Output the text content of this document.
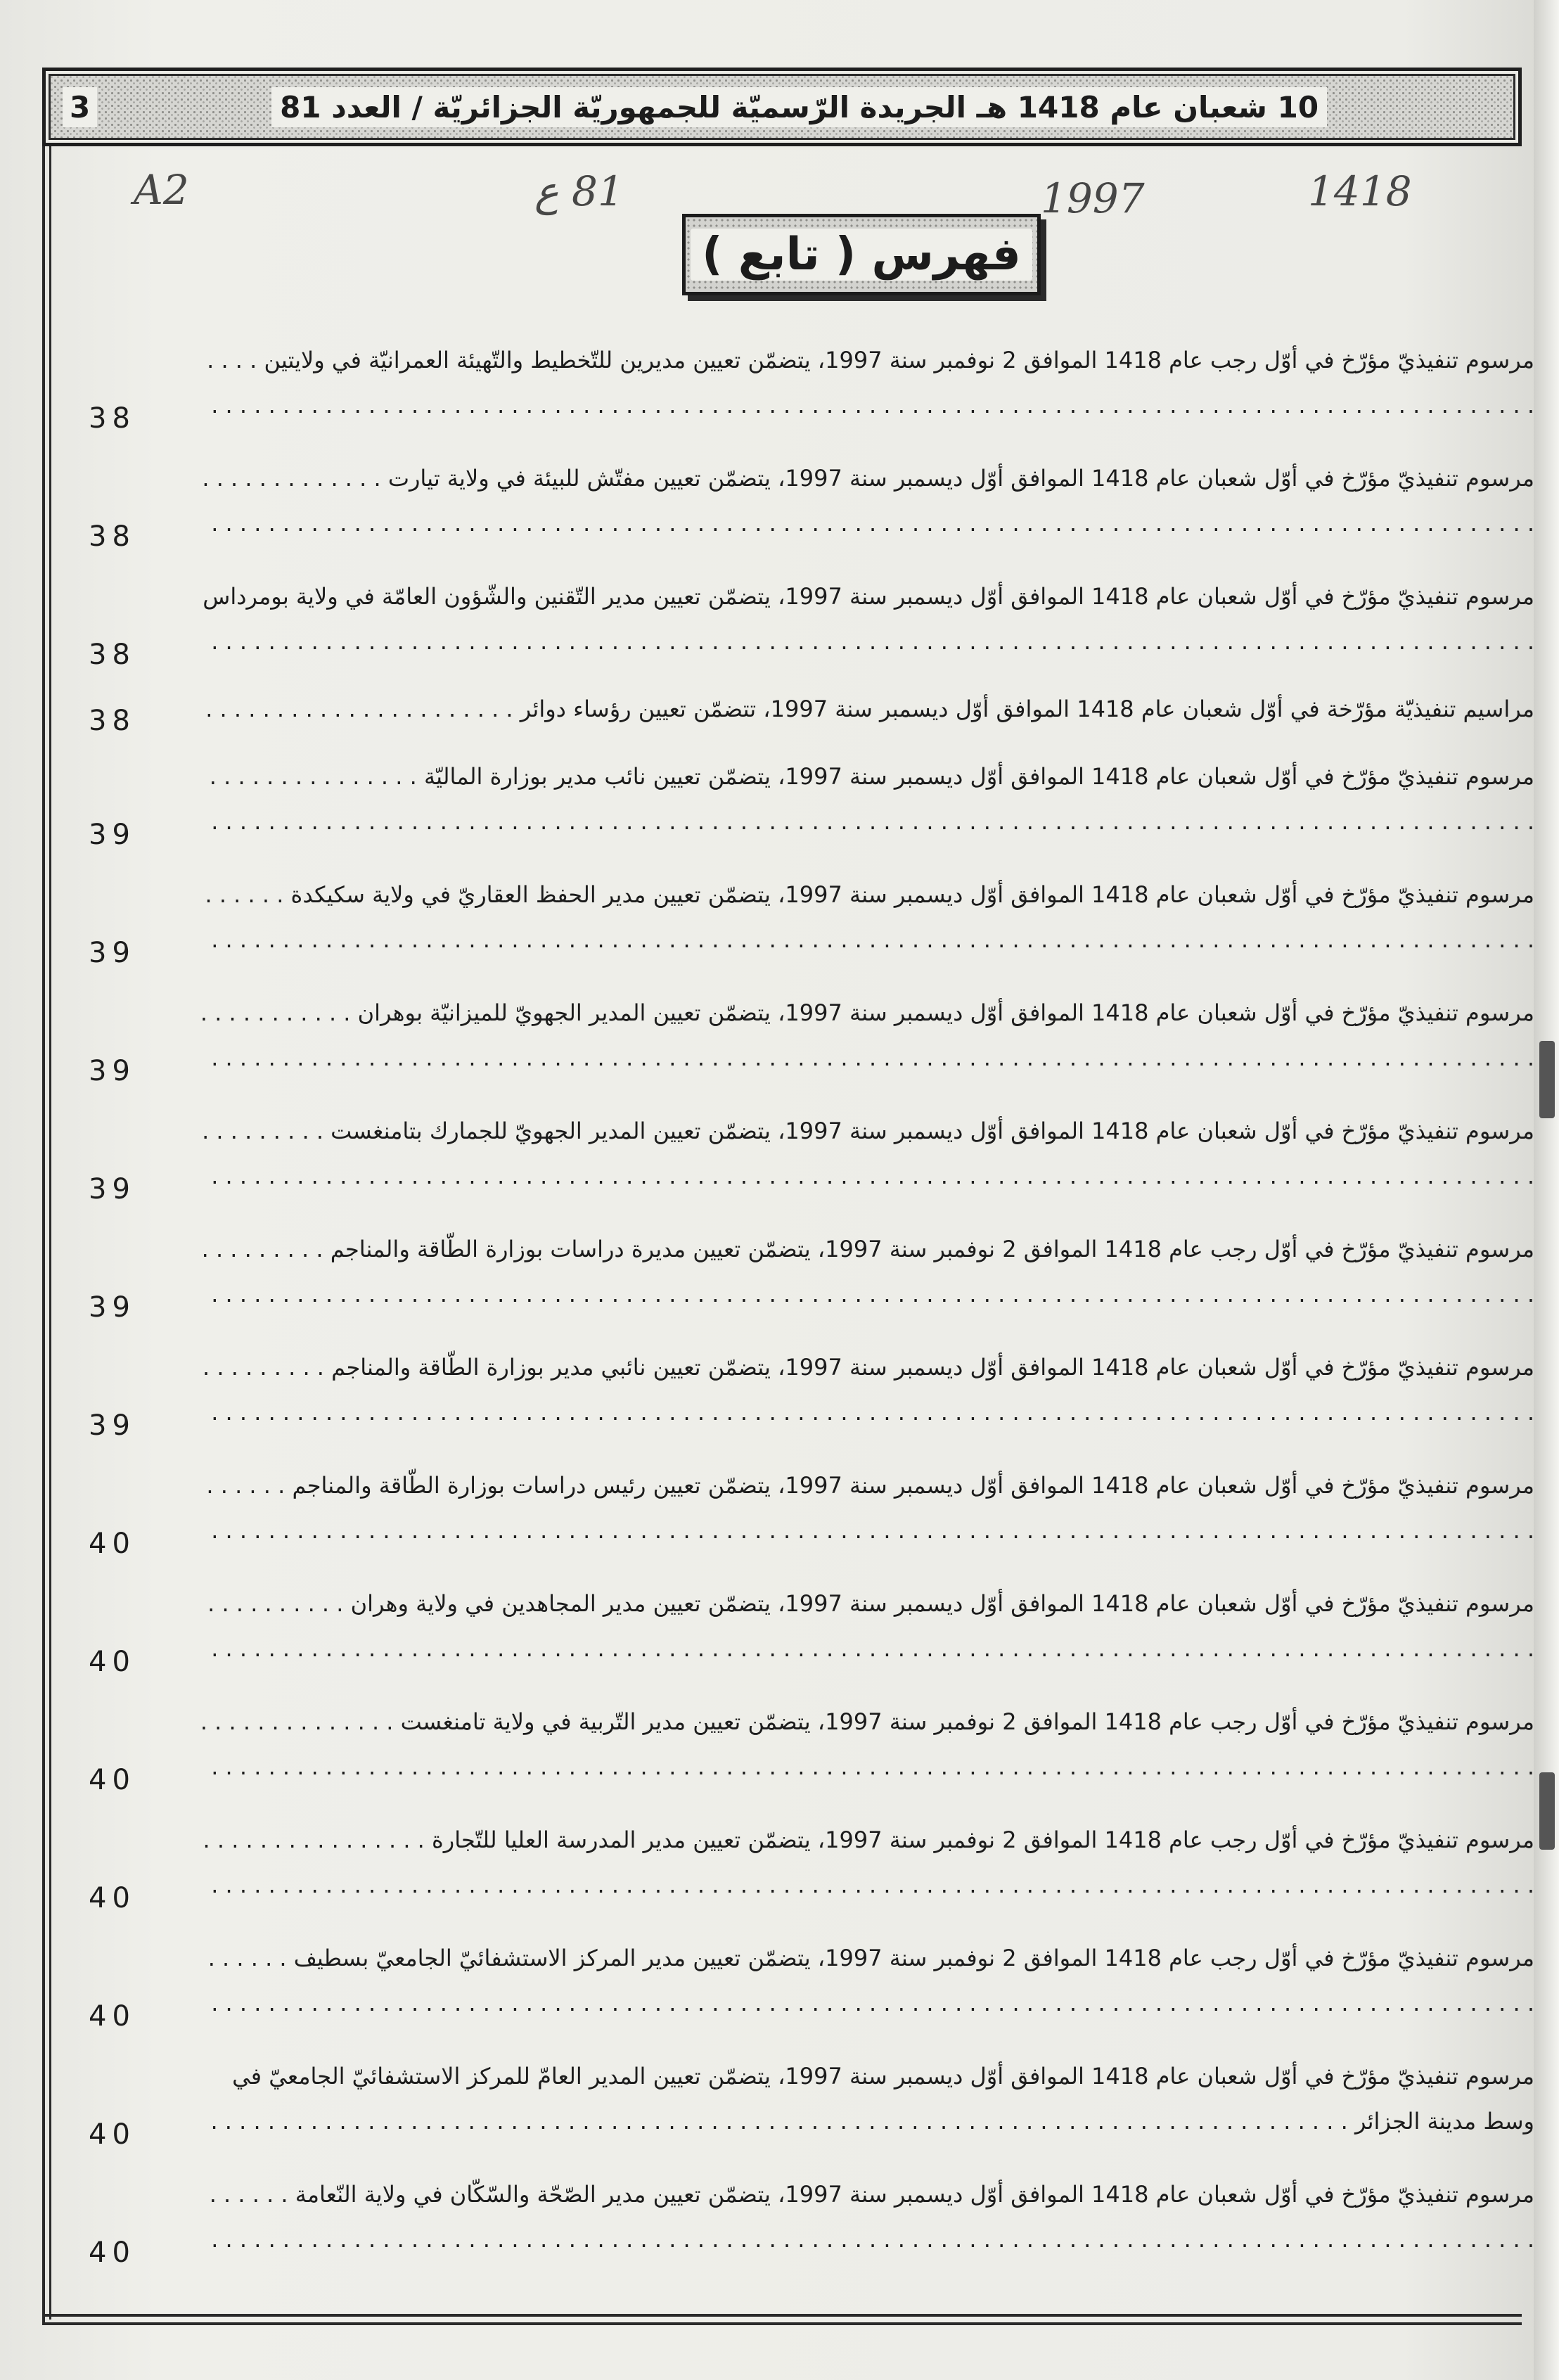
3	10 شعبان عام 1418 هـ الجريدة الرّسميّة للجمهوريّة الجزائريّة / العدد 81
A2	81 ع	1997	1418
فهرس ( تابع )
مرسوم تنفيذيّ مؤرّخ في أوّل رجب عام 1418 الموافق 2 نوفمبر سنة 1997، يتضمّن تعيين مديرين للتّخطيط والتّهيئة العمرانيّة في ولايتين . . .
38
مرسوم تنفيذيّ مؤرّخ في أوّل شعبان عام 1418 الموافق أوّل ديسمبر سنة 1997، يتضمّن تعيين مفتّش للبيئة في ولاية تيارت . . .
38
مرسوم تنفيذيّ مؤرّخ في أوّل شعبان عام 1418 الموافق أوّل ديسمبر سنة 1997، يتضمّن تعيين مدير التّقنين والشّؤون العامّة في ولاية بومرداس . . .
38
مراسيم تنفيذيّة مؤرّخة في أوّل شعبان عام 1418 الموافق أوّل ديسمبر سنة 1997، تتضمّن تعيين رؤساء دوائر . . .
38
مرسوم تنفيذيّ مؤرّخ في أوّل شعبان عام 1418 الموافق أوّل ديسمبر سنة 1997، يتضمّن تعيين نائب مدير بوزارة الماليّة . . .
39
مرسوم تنفيذيّ مؤرّخ في أوّل شعبان عام 1418 الموافق أوّل ديسمبر سنة 1997، يتضمّن تعيين مدير الحفظ العقاريّ في ولاية سكيكدة . . .
39
مرسوم تنفيذيّ مؤرّخ في أوّل شعبان عام 1418 الموافق أوّل ديسمبر سنة 1997، يتضمّن تعيين المدير الجهويّ للميزانيّة بوهران . . .
39
مرسوم تنفيذيّ مؤرّخ في أوّل شعبان عام 1418 الموافق أوّل ديسمبر سنة 1997، يتضمّن تعيين المدير الجهويّ للجمارك بتامنغست . . .
39
مرسوم تنفيذيّ مؤرّخ في أوّل رجب عام 1418 الموافق 2 نوفمبر سنة 1997، يتضمّن تعيين مديرة دراسات بوزارة الطّاقة والمناجم . . .
39
مرسوم تنفيذيّ مؤرّخ في أوّل شعبان عام 1418 الموافق أوّل ديسمبر سنة 1997، يتضمّن تعيين نائبي مدير بوزارة الطّاقة والمناجم . . .
39
مرسوم تنفيذيّ مؤرّخ في أوّل شعبان عام 1418 الموافق أوّل ديسمبر سنة 1997، يتضمّن تعيين رئيس دراسات بوزارة الطّاقة والمناجم . . .
40
مرسوم تنفيذيّ مؤرّخ في أوّل شعبان عام 1418 الموافق أوّل ديسمبر سنة 1997، يتضمّن تعيين مدير المجاهدين في ولاية وهران . . .
40
مرسوم تنفيذيّ مؤرّخ في أوّل رجب عام 1418 الموافق 2 نوفمبر سنة 1997، يتضمّن تعيين مدير التّربية في ولاية تامنغست . . .
40
مرسوم تنفيذيّ مؤرّخ في أوّل رجب عام 1418 الموافق 2 نوفمبر سنة 1997، يتضمّن تعيين مدير المدرسة العليا للتّجارة . . .
40
مرسوم تنفيذيّ مؤرّخ في أوّل رجب عام 1418 الموافق 2 نوفمبر سنة 1997، يتضمّن تعيين مدير المركز الاستشفائيّ الجامعيّ بسطيف . . .
40
مرسوم تنفيذيّ مؤرّخ في أوّل شعبان عام 1418 الموافق أوّل ديسمبر سنة 1997، يتضمّن تعيين المدير العامّ للمركز الاستشفائيّ الجامعيّ في وسط مدينة الجزائر . . .
40
مرسوم تنفيذيّ مؤرّخ في أوّل شعبان عام 1418 الموافق أوّل ديسمبر سنة 1997، يتضمّن تعيين مدير الصّحّة والسّكّان في ولاية النّعامة . . .
40
